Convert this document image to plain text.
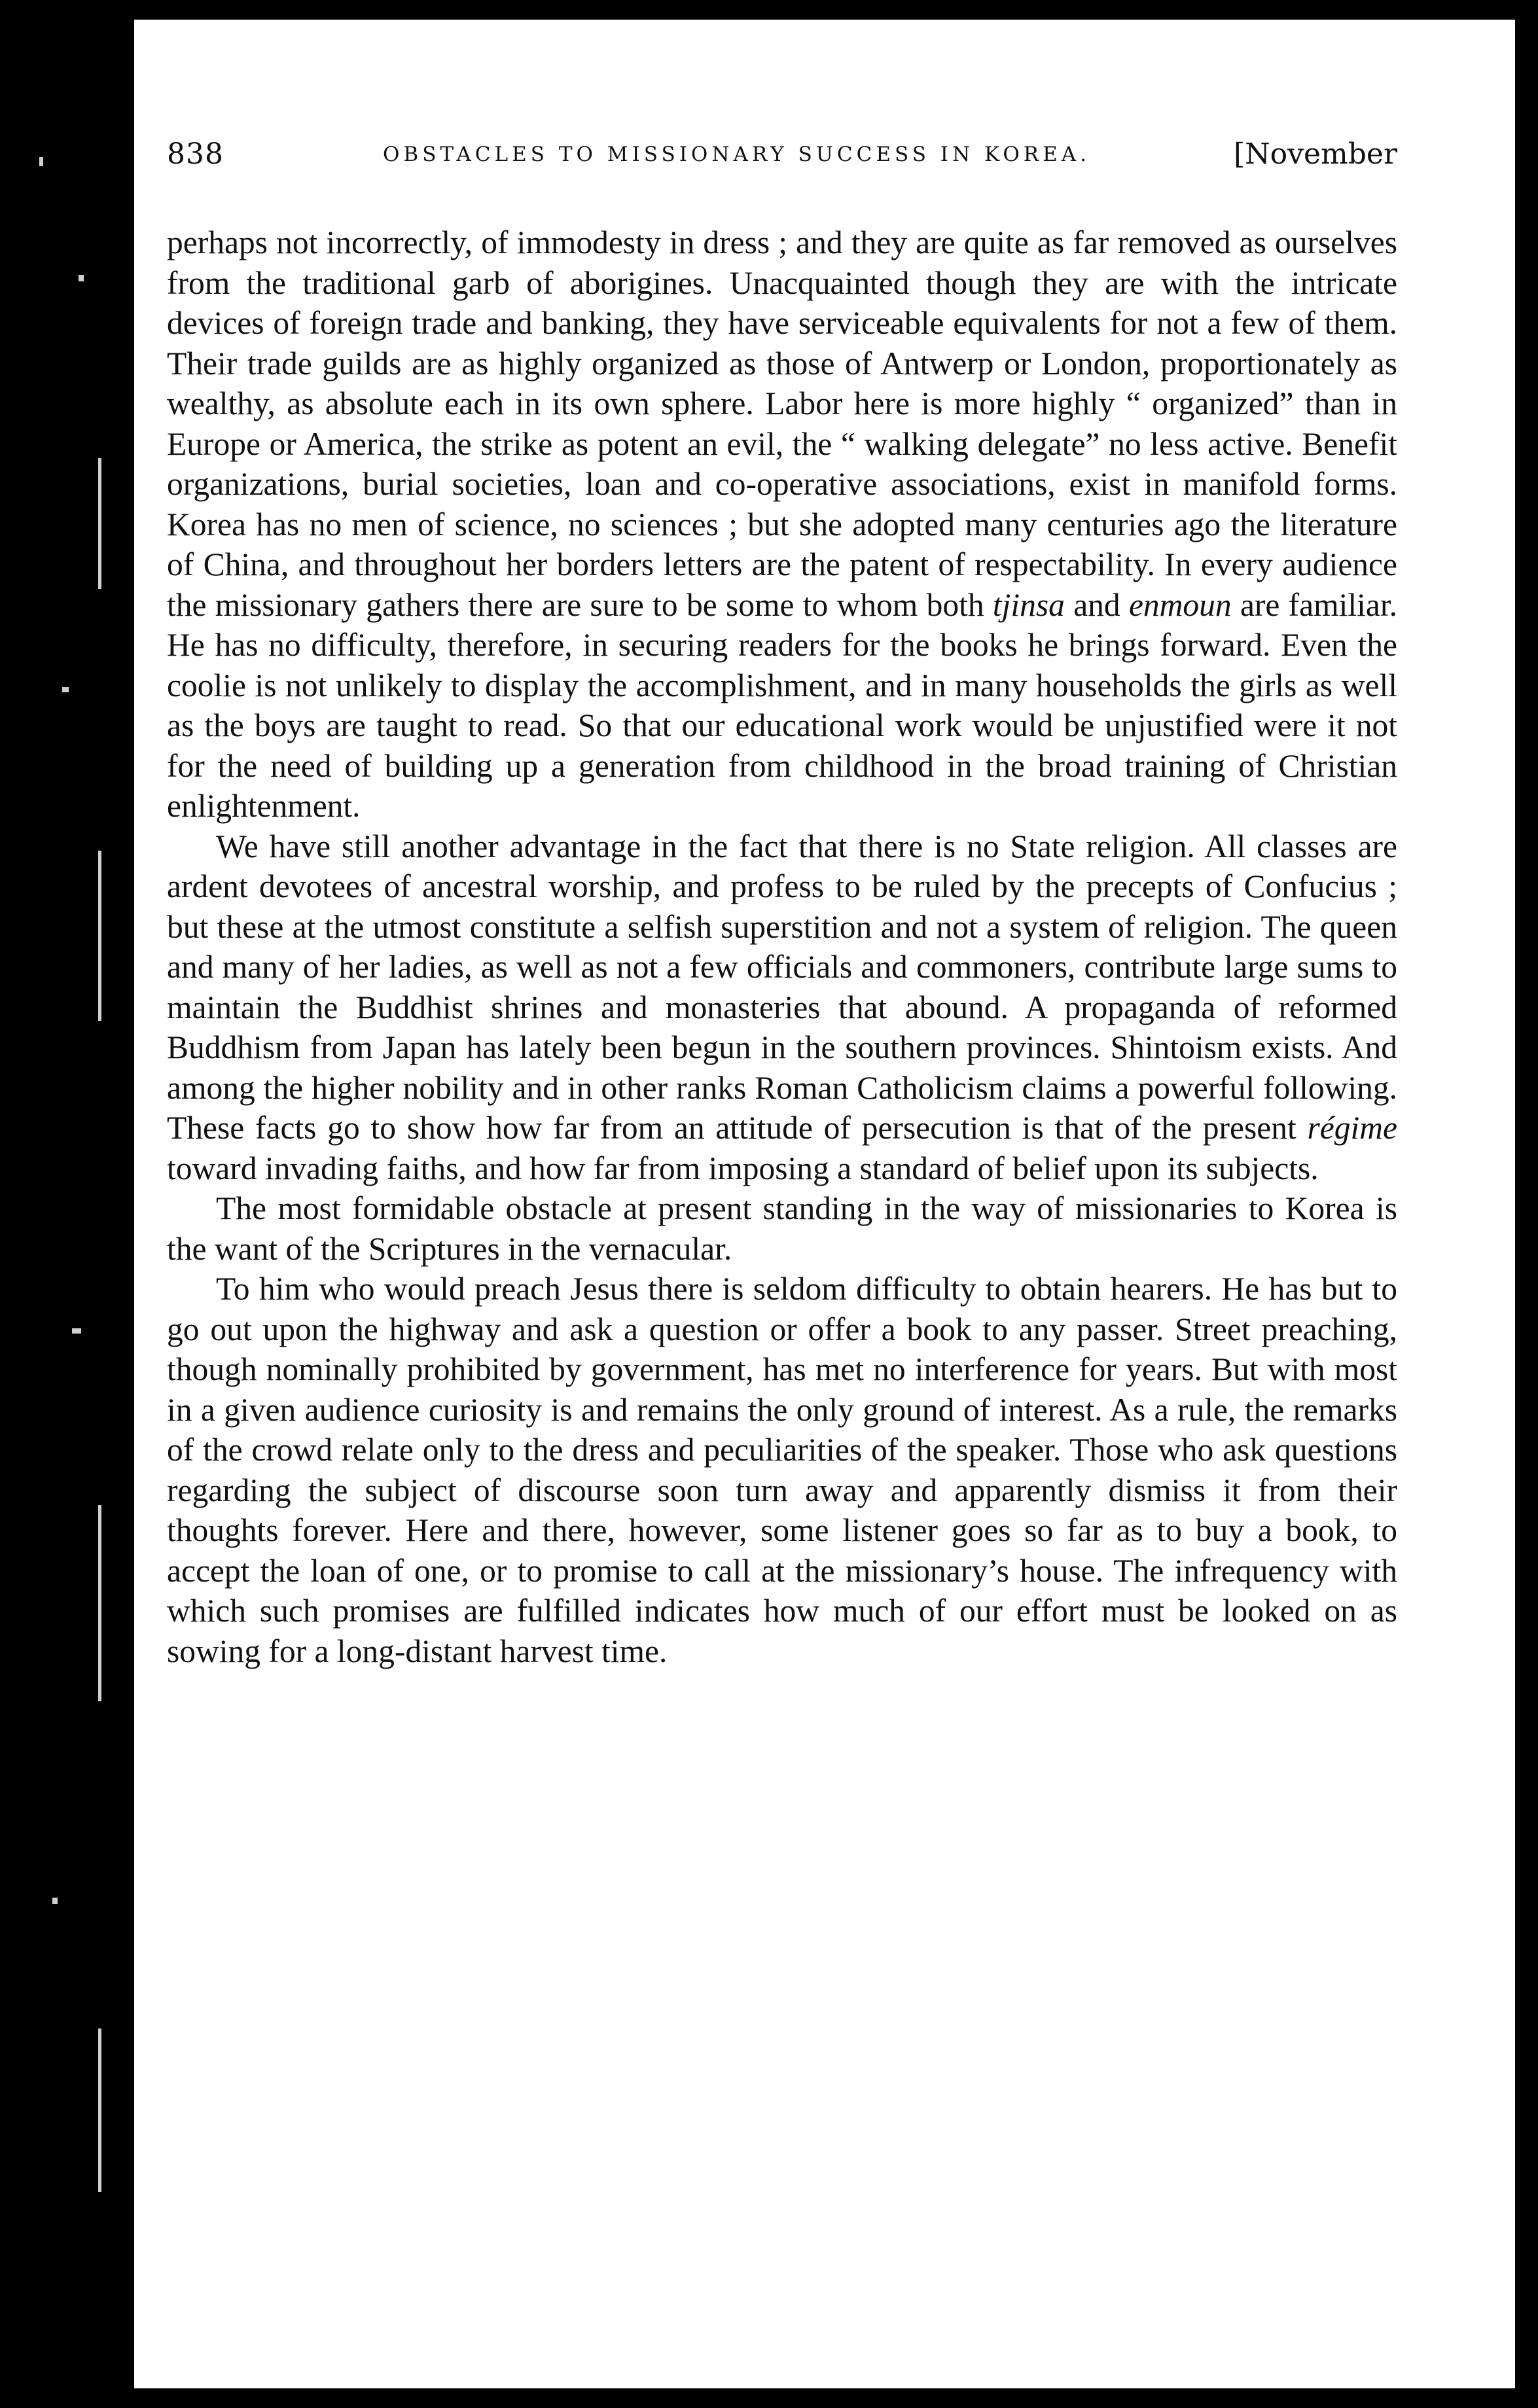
838	OBSTACLES TO MISSIONARY SUCCESS IN KOREA.	[November

perhaps not incorrectly, of immodesty in dress ; and they are quite as far removed as ourselves from the traditional garb of aborigines. Unacquainted though they are with the intricate devices of foreign trade and banking, they have serviceable equivalents for not a few of them. Their trade guilds are as highly organized as those of Antwerp or London, proportionately as wealthy, as absolute each in its own sphere. Labor here is more highly “ organized” than in Europe or America, the strike as potent an evil, the “ walking delegate” no less active. Benefit organizations, burial societies, loan and co-operative associations, exist in manifold forms. Korea has no men of science, no sciences ; but she adopted many centuries ago the literature of China, and throughout her borders letters are the patent of respectability. In every audience the missionary gathers there are sure to be some to whom both tjinsa and enmoun are familiar. He has no difficulty, therefore, in securing readers for the books he brings forward. Even the coolie is not unlikely to display the accomplishment, and in many households the girls as well as the boys are taught to read. So that our educational work would be unjustified were it not for the need of building up a generation from childhood in the broad training of Christian enlightenment.

We have still another advantage in the fact that there is no State religion. All classes are ardent devotees of ancestral worship, and profess to be ruled by the precepts of Confucius ; but these at the utmost constitute a selfish superstition and not a system of religion. The queen and many of her ladies, as well as not a few officials and commoners, contribute large sums to maintain the Buddhist shrines and monasteries that abound. A propaganda of reformed Buddhism from Japan has lately been begun in the southern provinces. Shintoism exists. And among the higher nobility and in other ranks Roman Catholicism claims a powerful following. These facts go to show how far from an attitude of persecution is that of the present régime toward invading faiths, and how far from imposing a standard of belief upon its subjects.

The most formidable obstacle at present standing in the way of missionaries to Korea is the want of the Scriptures in the vernacular.

To him who would preach Jesus there is seldom difficulty to obtain hearers. He has but to go out upon the highway and ask a question or offer a book to any passer. Street preaching, though nominally prohibited by government, has met no interference for years. But with most in a given audience curiosity is and remains the only ground of interest. As a rule, the remarks of the crowd relate only to the dress and peculiarities of the speaker. Those who ask questions regarding the subject of discourse soon turn away and apparently dismiss it from their thoughts forever. Here and there, however, some listener goes so far as to buy a book, to accept the loan of one, or to promise to call at the missionary’s house. The infrequency with which such promises are fulfilled indicates how much of our effort must be looked on as sowing for a long-distant harvest time.
